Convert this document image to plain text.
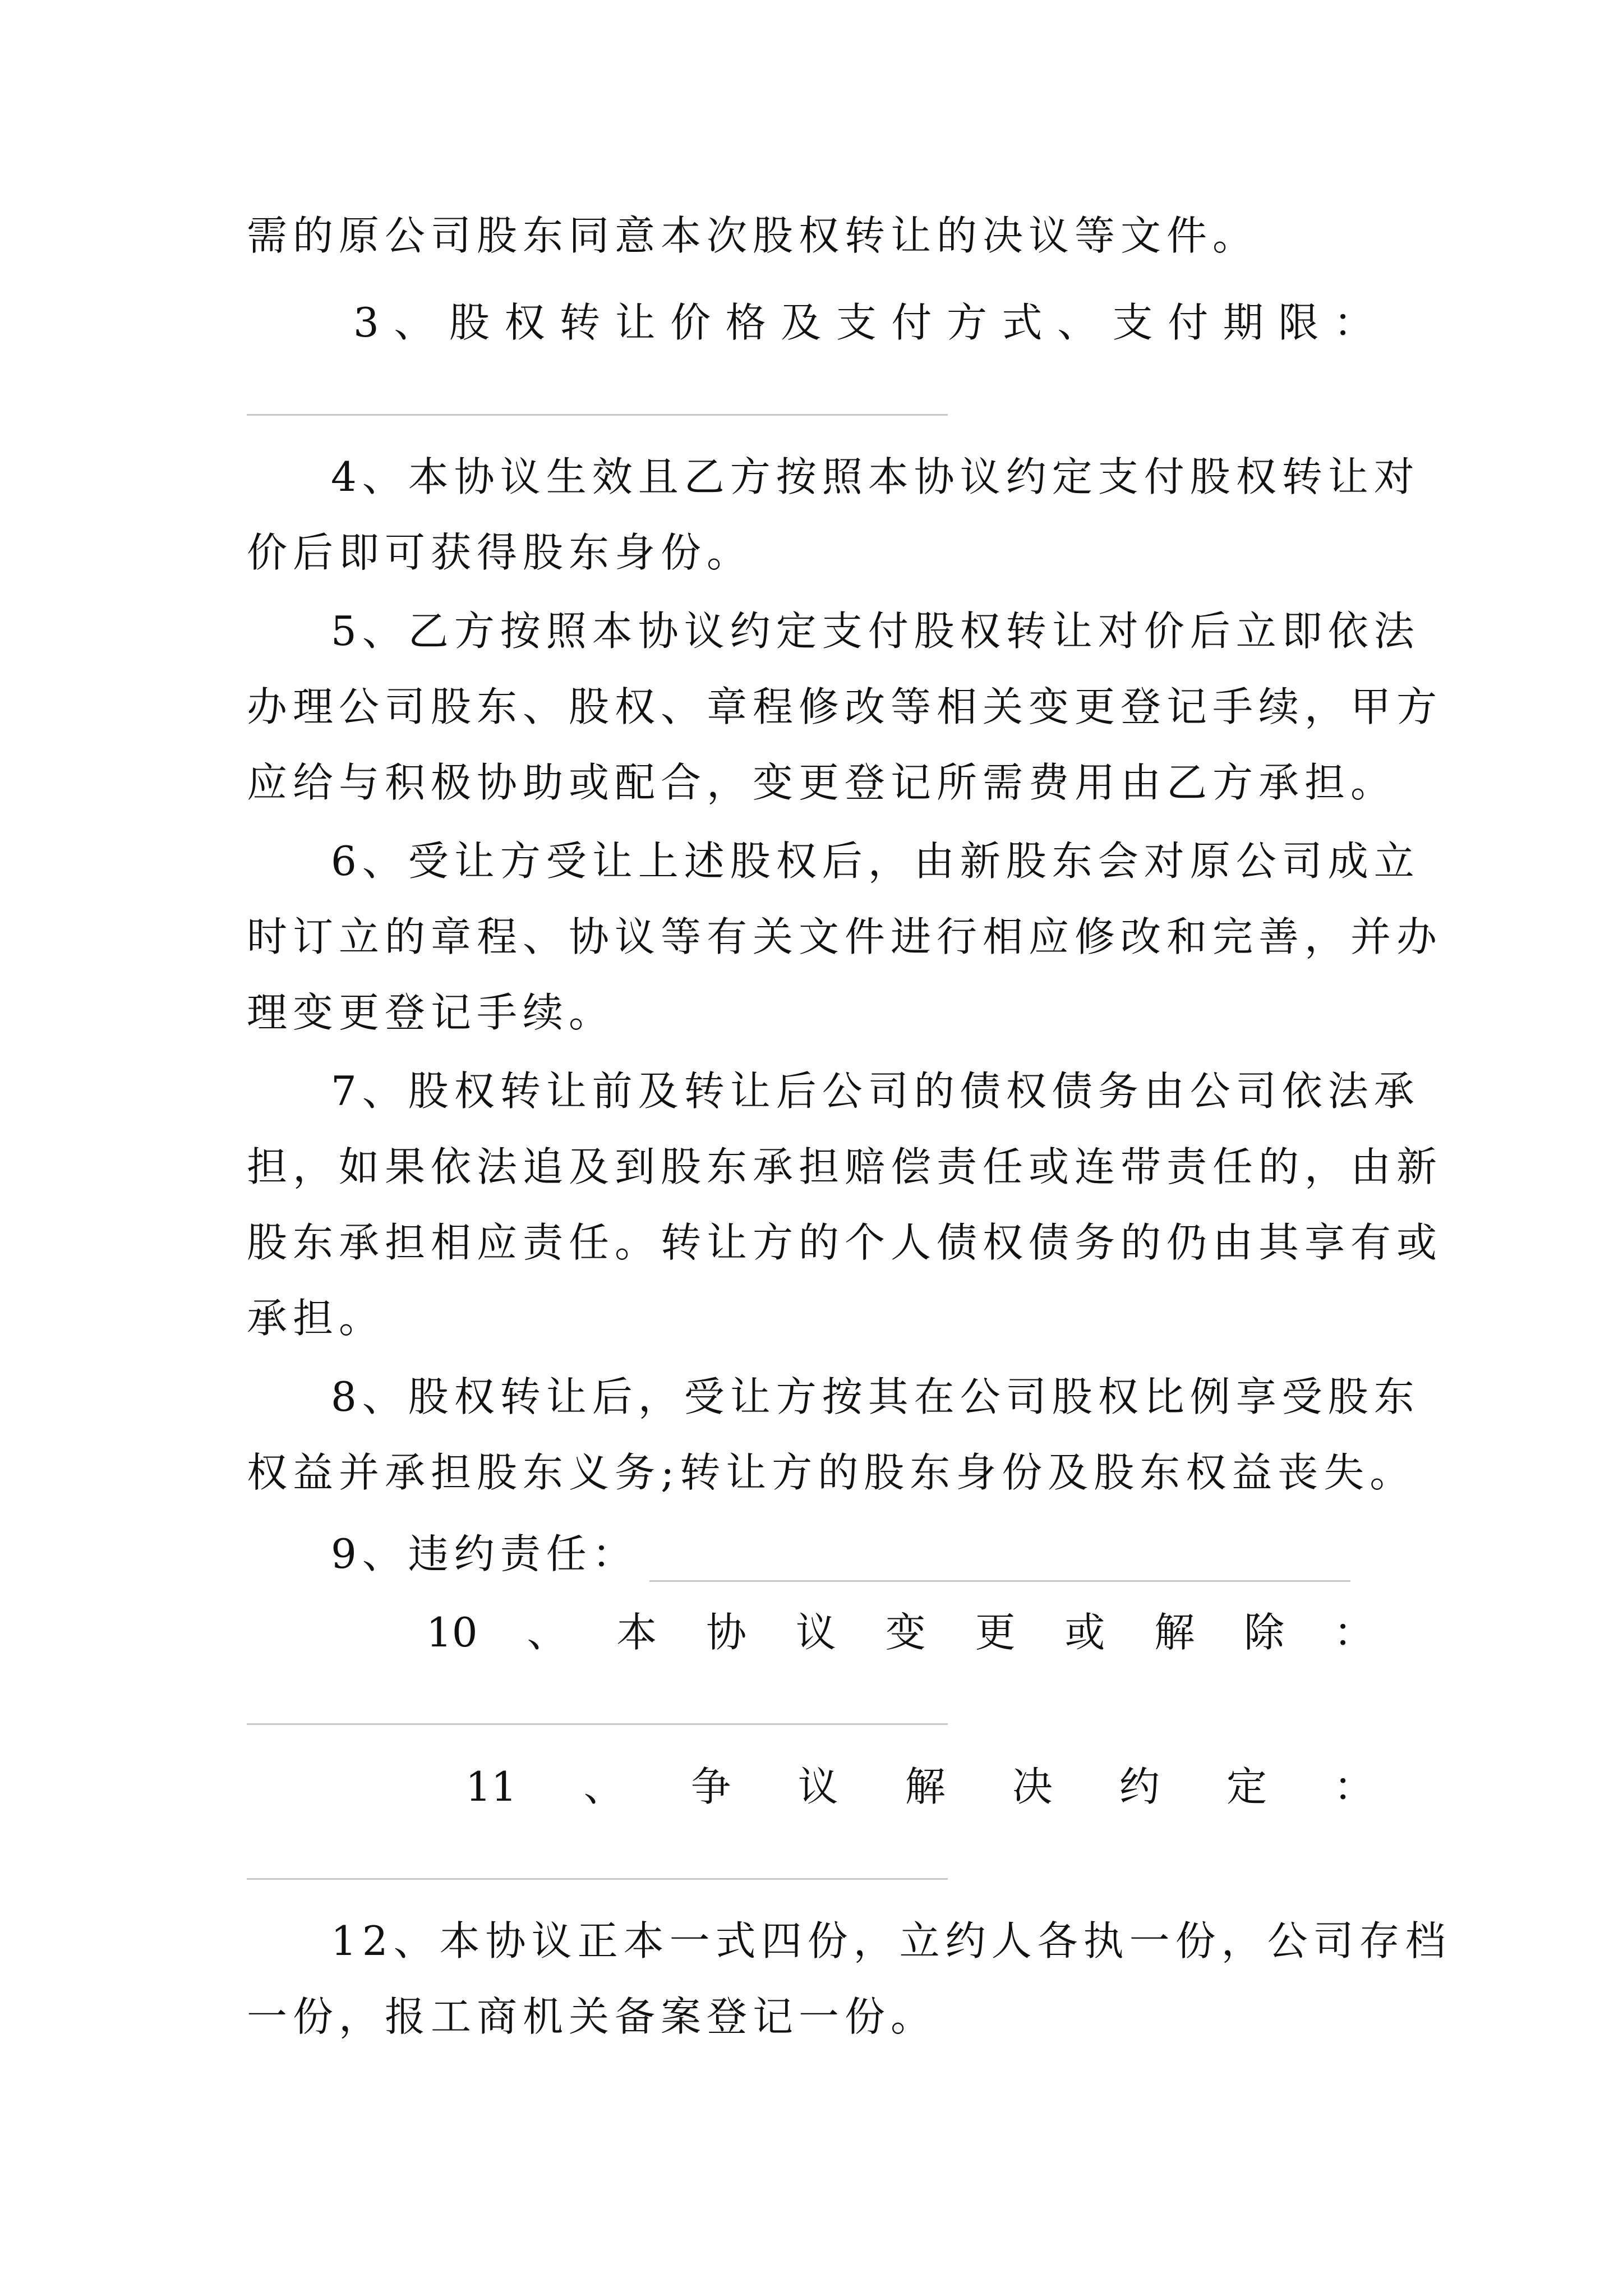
需的原公司股东同意本次股权转让的决议等文件。
3 、 股 权 转 让 价 格 及 支 付 方 式 、 支 付 期 限 ：
4、本协议生效且乙方按照本协议约定支付股权转让对
价后即可获得股东身份。
5、乙方按照本协议约定支付股权转让对价后立即依法
办理公司股东、股权、章程修改等相关变更登记手续，甲方
应给与积极协助或配合，变更登记所需费用由乙方承担。
6、受让方受让上述股权后，由新股东会对原公司成立
时订立的章程、协议等有关文件进行相应修改和完善，并办
理变更登记手续。
7、股权转让前及转让后公司的债权债务由公司依法承
担，如果依法追及到股东承担赔偿责任或连带责任的，由新
股东承担相应责任。转让方的个人债权债务的仍由其享有或
承担。
8、股权转让后，受让方按其在公司股权比例享受股东
权益并承担股东义务;转让方的股东身份及股东权益丧失。
9、违约责任：
10 、 本 协 议 变 更 或 解 除 ：
11 、 争 议 解 决 约 定 ：
12、本协议正本一式四份，立约人各执一份，公司存档
一份，报工商机关备案登记一份。
